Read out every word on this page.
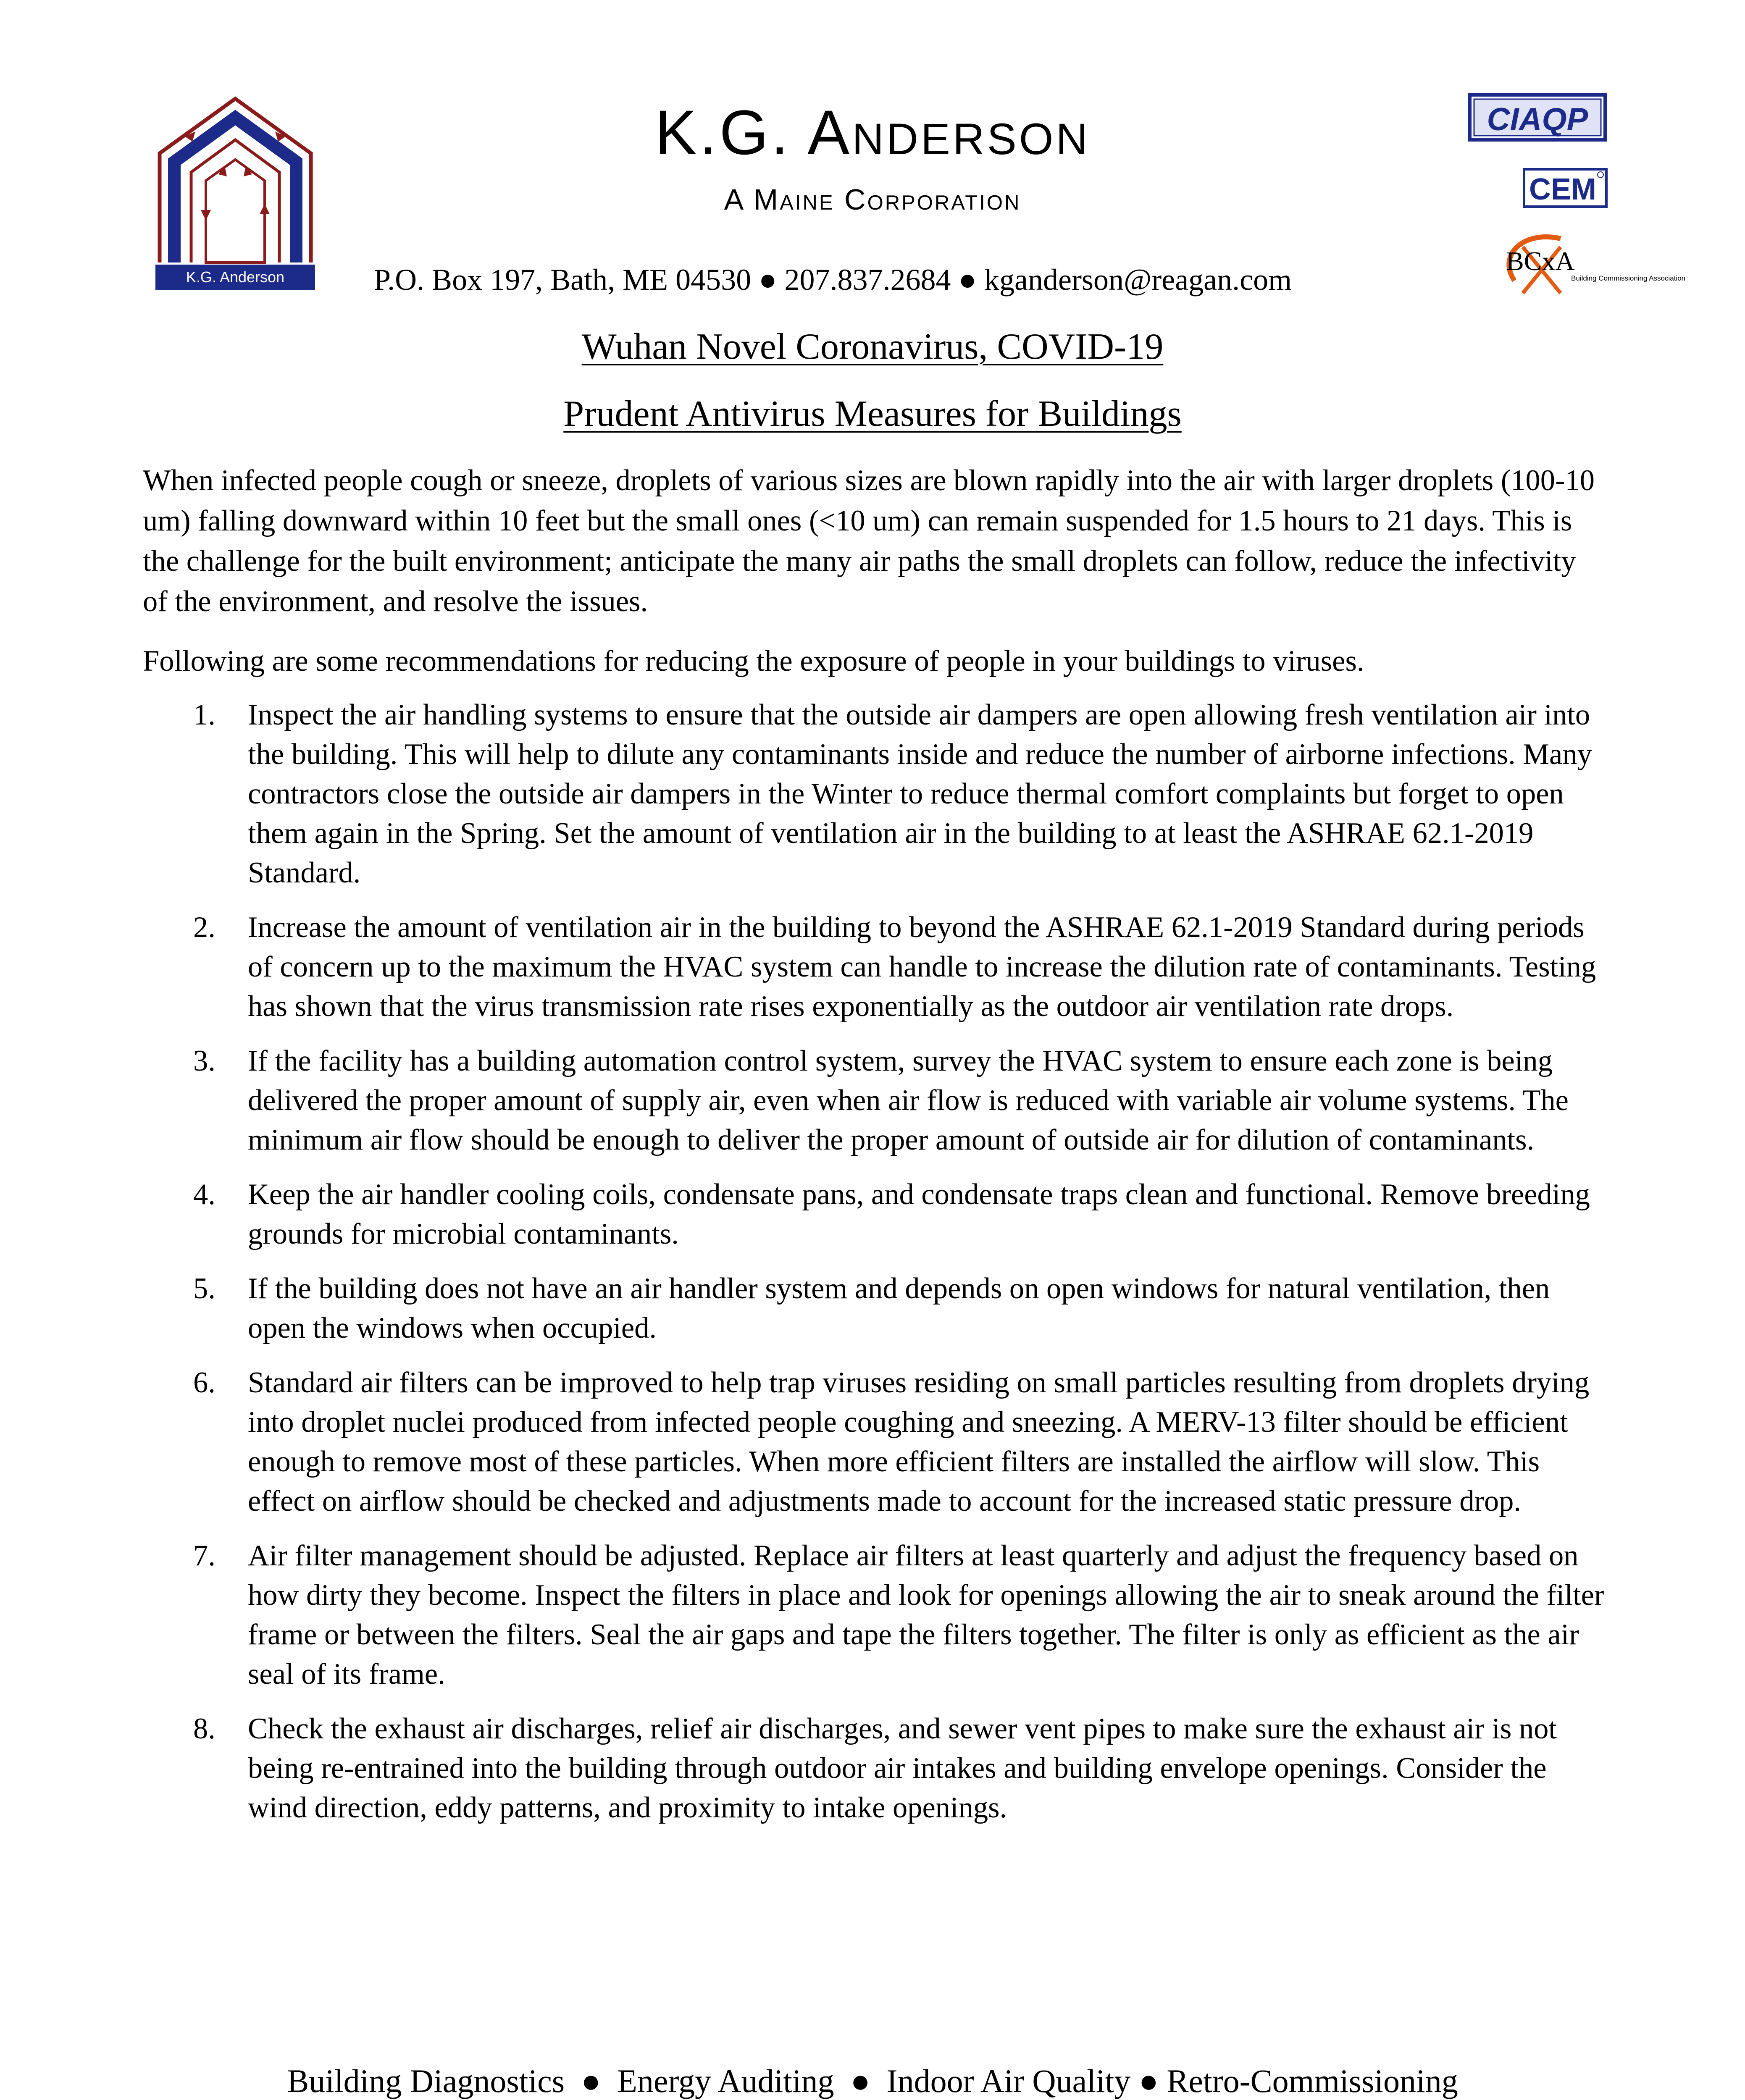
K.G. Anderson
K.G. Anderson
A Maine Corporation
P.O. Box 197, Bath, ME 04530 ● 207.837.2684 ● kganderson@reagan.com
CIAQP
CEM
BCxA
Building Commissioning Association
Wuhan Novel Coronavirus, COVID-19
Prudent Antivirus Measures for Buildings

When infected people cough or sneeze, droplets of various sizes are blown rapidly into the air with larger droplets (100-10 um) falling downward within 10 feet but the small ones (<10 um) can remain suspended for 1.5 hours to 21 days. This is the challenge for the built environment; anticipate the many air paths the small droplets can follow, reduce the infectivity of the environment, and resolve the issues.

Following are some recommendations for reducing the exposure of people in your buildings to viruses.

1. Inspect the air handling systems to ensure that the outside air dampers are open allowing fresh ventilation air into the building. This will help to dilute any contaminants inside and reduce the number of airborne infections. Many contractors close the outside air dampers in the Winter to reduce thermal comfort complaints but forget to open them again in the Spring. Set the amount of ventilation air in the building to at least the ASHRAE 62.1-2019 Standard.
2. Increase the amount of ventilation air in the building to beyond the ASHRAE 62.1-2019 Standard during periods of concern up to the maximum the HVAC system can handle to increase the dilution rate of contaminants. Testing has shown that the virus transmission rate rises exponentially as the outdoor air ventilation rate drops.
3. If the facility has a building automation control system, survey the HVAC system to ensure each zone is being delivered the proper amount of supply air, even when air flow is reduced with variable air volume systems. The minimum air flow should be enough to deliver the proper amount of outside air for dilution of contaminants.
4. Keep the air handler cooling coils, condensate pans, and condensate traps clean and functional. Remove breeding grounds for microbial contaminants.
5. If the building does not have an air handler system and depends on open windows for natural ventilation, then open the windows when occupied.
6. Standard air filters can be improved to help trap viruses residing on small particles resulting from droplets drying into droplet nuclei produced from infected people coughing and sneezing. A MERV-13 filter should be efficient enough to remove most of these particles. When more efficient filters are installed the airflow will slow. This effect on airflow should be checked and adjustments made to account for the increased static pressure drop.
7. Air filter management should be adjusted. Replace air filters at least quarterly and adjust the frequency based on how dirty they become. Inspect the filters in place and look for openings allowing the air to sneak around the filter frame or between the filters. Seal the air gaps and tape the filters together. The filter is only as efficient as the air seal of its frame.
8. Check the exhaust air discharges, relief air discharges, and sewer vent pipes to make sure the exhaust air is not being re-entrained into the building through outdoor air intakes and building envelope openings. Consider the wind direction, eddy patterns, and proximity to intake openings.
Building Diagnostics  ●  Energy Auditing  ●  Indoor Air Quality ● Retro-Commissioning
